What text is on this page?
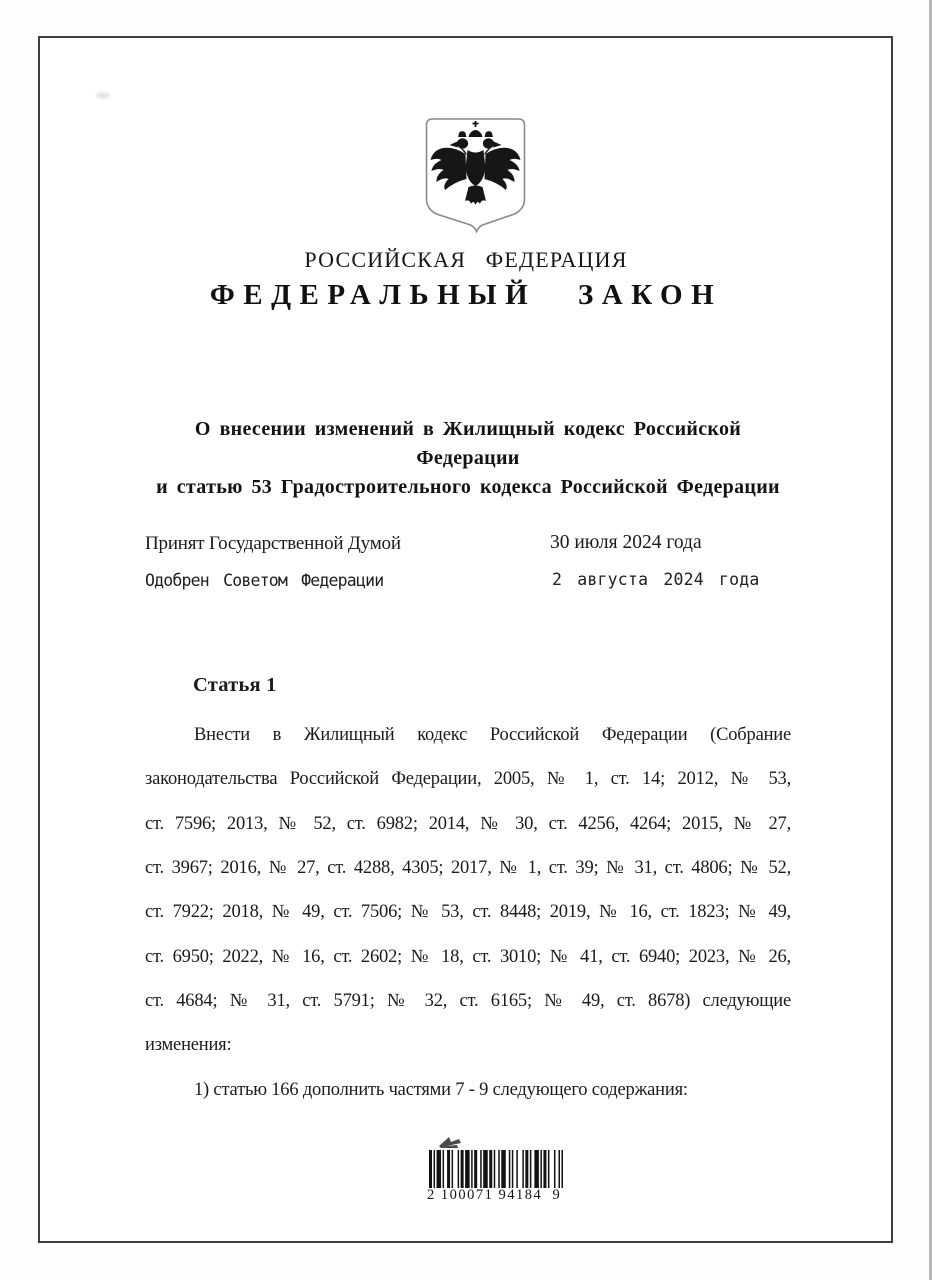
РОССИЙСКАЯ ФЕДЕРАЦИЯ
ФЕДЕРАЛЬНЫЙ ЗАКОН
О внесении изменений в Жилищный кодекс Российской Федерации
и статью 53 Градостроительного кодекса Российской Федерации
Принят Государственной Думой	30 июля 2024 года
Одобрен Советом Федерации	2 августа 2024 года
Статья 1
Внести в Жилищный кодекс Российской Федерации (Собрание
законодательства Российской Федерации, 2005, № 1, ст. 14; 2012, № 53,
ст. 7596; 2013, № 52, ст. 6982; 2014, № 30, ст. 4256, 4264; 2015, № 27,
ст. 3967; 2016, № 27, ст. 4288, 4305; 2017, № 1, ст. 39; № 31, ст. 4806; № 52,
ст. 7922; 2018, № 49, ст. 7506; № 53, ст. 8448; 2019, № 16, ст. 1823; № 49,
ст. 6950; 2022, № 16, ст. 2602; № 18, ст. 3010; № 41, ст. 6940; 2023, № 26,
ст. 4684; № 31, ст. 5791; № 32, ст. 6165; № 49, ст. 8678) следующие
изменения:
1) статью 166 дополнить частями 7 - 9 следующего содержания:
2 100071 94184  9
